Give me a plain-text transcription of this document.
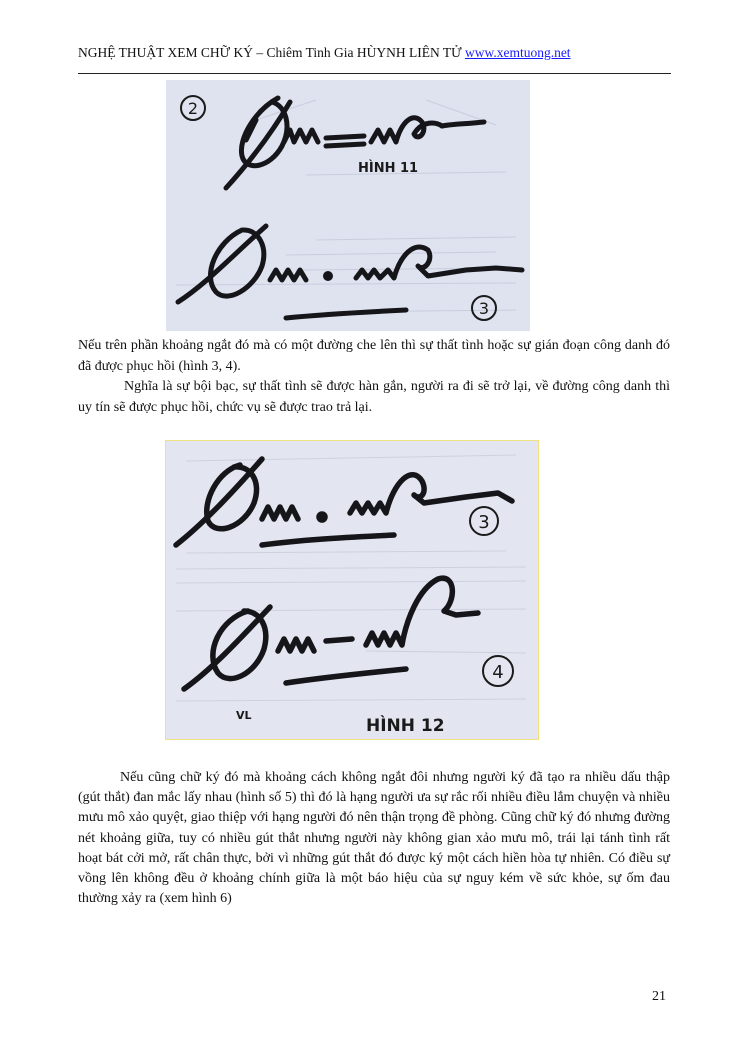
NGHỆ THUẬT XEM CHỮ KÝ – Chiêm Tinh Gia HÙYNH LIÊN TỬ www.xemtuong.net
2
HÌNH 11
3

Nếu trên phần khoảng ngắt đó mà có một đường che lên thì sự thất tình hoặc sự gián đoạn công danh đó đã được phục hồi (hình 3, 4).

Nghĩa là sự bội bạc, sự thất tình sẽ được hàn gắn, người ra đi sẽ trở lại, về đường công danh thì uy tín sẽ được phục hồi, chức vụ sẽ được trao trả lại.

3
4
VL
HÌNH 12

Nếu cũng chữ ký đó mà khoảng cách không ngắt đôi nhưng người ký đã tạo ra nhiều dấu thập (gút thắt) đan mắc lấy nhau (hình số 5) thì đó là hạng người ưa sự rắc rối nhiều điều lắm chuyện và nhiều mưu mô xảo quyệt, giao thiệp với hạng người đó nên thận trọng đề phòng. Cũng chữ ký đó nhưng đường nét khoảng giữa, tuy có nhiều gút thắt nhưng người này không gian xảo mưu mô, trái lại tánh tình rất hoạt bát cởi mở, rất chân thực, bởi vì những gút thắt đó được ký một cách hiền hòa tự nhiên. Có điều sự vồng lên không đều ở khoảng chính giữa là một báo hiệu của sự nguy kém về sức khỏe, sự ốm đau thường xảy ra (xem hình 6)

21
